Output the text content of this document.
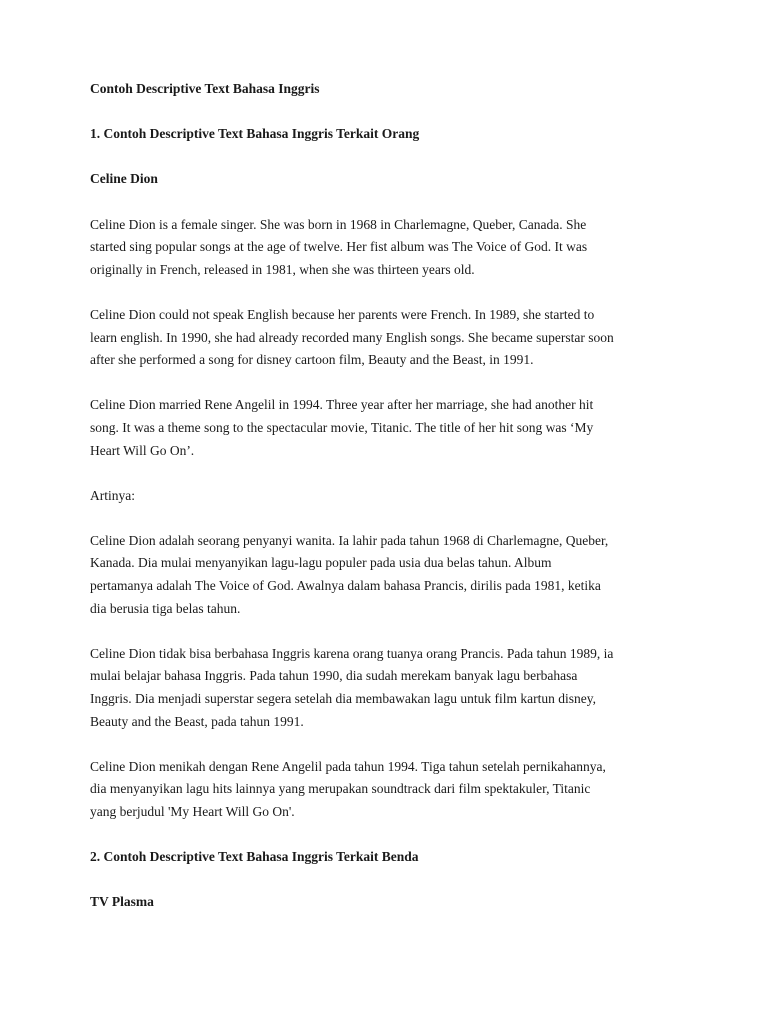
Contoh Descriptive Text Bahasa Inggris
1. Contoh Descriptive Text Bahasa Inggris Terkait Orang
Celine Dion
Celine Dion is a female singer. She was born in 1968 in Charlemagne, Queber, Canada. She
started sing popular songs at the age of twelve. Her fist album was The Voice of God. It was
originally in French, released in 1981, when she was thirteen years old.
Celine Dion could not speak English because her parents were French. In 1989, she started to
learn english. In 1990, she had already recorded many English songs. She became superstar soon
after she performed a song for disney cartoon film, Beauty and the Beast, in 1991.
Celine Dion married Rene Angelil in 1994. Three year after her marriage, she had another hit
song. It was a theme song to the spectacular movie, Titanic. The title of her hit song was ‘My
Heart Will Go On’.
Artinya:
Celine Dion adalah seorang penyanyi wanita. Ia lahir pada tahun 1968 di Charlemagne, Queber,
Kanada. Dia mulai menyanyikan lagu-lagu populer pada usia dua belas tahun. Album
pertamanya adalah The Voice of God. Awalnya dalam bahasa Prancis, dirilis pada 1981, ketika
dia berusia tiga belas tahun.
Celine Dion tidak bisa berbahasa Inggris karena orang tuanya orang Prancis. Pada tahun 1989, ia
mulai belajar bahasa Inggris. Pada tahun 1990, dia sudah merekam banyak lagu berbahasa
Inggris. Dia menjadi superstar segera setelah dia membawakan lagu untuk film kartun disney,
Beauty and the Beast, pada tahun 1991.
Celine Dion menikah dengan Rene Angelil pada tahun 1994. Tiga tahun setelah pernikahannya,
dia menyanyikan lagu hits lainnya yang merupakan soundtrack dari film spektakuler, Titanic
yang berjudul 'My Heart Will Go On'.
2. Contoh Descriptive Text Bahasa Inggris Terkait Benda
TV Plasma
